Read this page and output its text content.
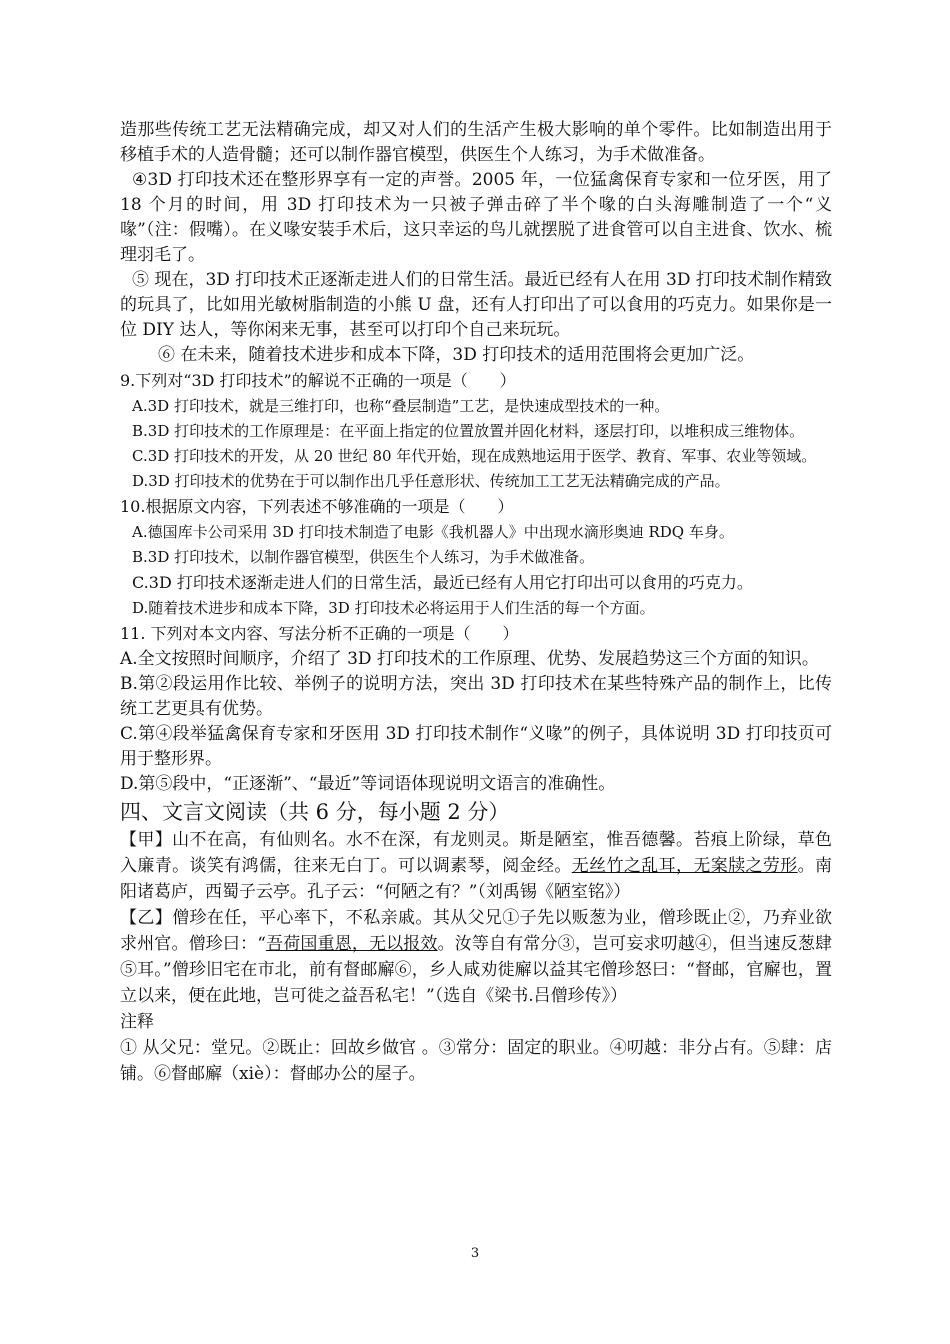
造那些传统工艺无法精确完成，却又对人们的生活产生极大影响的单个零件。比如制造出用于移植手术的人造骨髓；还可以制作器官模型，供医生个人练习，为手术做准备。

④3D 打印技术还在整形界享有一定的声誉。2005 年，一位猛禽保育专家和一位牙医，用了 18 个月的时间，用 3D 打印技术为一只被子弹击碎了半个喙的白头海雕制造了一个“义喙”（注：假嘴）。在义喙安装手术后，这只幸运的鸟儿就摆脱了进食管可以自主进食、饮水、梳理羽毛了。

⑤ 现在，3D 打印技术正逐渐走进人们的日常生活。最近已经有人在用 3D 打印技术制作精致的玩具了，比如用光敏树脂制造的小熊 U 盘，还有人打印出了可以食用的巧克力。如果你是一位 DIY 达人，等你闲来无事，甚至可以打印个自己来玩玩。

⑥ 在未来，随着技术进步和成本下降，3D 打印技术的适用范围将会更加广泛。

9.下列对“3D 打印技术”的解说不正确的一项是（　　）

A.3D 打印技术，就是三维打印，也称“叠层制造”工艺，是快速成型技术的一种。

B.3D 打印技术的工作原理是：在平面上指定的位置放置并固化材料，逐层打印，以堆积成三维物体。

C.3D 打印技术的开发，从 20 世纪 80 年代开始，现在成熟地运用于医学、教育、军事、农业等领域。

D.3D 打印技术的优势在于可以制作出几乎任意形状、传统加工工艺无法精确完成的产品。

10.根据原文内容，下列表述不够准确的一项是（　　）

A.德国库卡公司采用 3D 打印技术制造了电影《我机器人》中出现水滴形奥迪 RDQ 车身。

B.3D 打印技术，以制作器官模型，供医生个人练习，为手术做准备。

C.3D 打印技术逐渐走进人们的日常生活，最近已经有人用它打印出可以食用的巧克力。

D.随着技术进步和成本下降，3D 打印技术必将运用于人们生活的每一个方面。

11. 下列对本文内容、写法分析不正确的一项是（　　）

A.全文按照时间顺序，介绍了 3D 打印技术的工作原理、优势、发展趋势这三个方面的知识。

B.第②段运用作比较、举例子的说明方法，突出 3D 打印技术在某些特殊产品的制作上，比传统工艺更具有优势。

C.第④段举猛禽保育专家和牙医用 3D 打印技术制作“义喙”的例子，具体说明 3D 打印技页可用于整形界。

D.第⑤段中，“正逐渐”、“最近”等词语体现说明文语言的准确性。

四、文言文阅读（共 6 分，每小题 2 分）

【甲】山不在高，有仙则名。水不在深，有龙则灵。斯是陋室，惟吾德馨。苔痕上阶绿，草色入廉青。谈笑有鸿儒，往来无白丁。可以调素琴，阅金经。无丝竹之乱耳，无案牍之劳形。南阳诸葛庐，西蜀子云亭。孔子云：“何陋之有？”（刘禹锡《陋室铭》）

【乙】僧珍在任，平心率下，不私亲戚。其从父兄①子先以贩葱为业，僧珍既止②，乃弃业欲求州官。僧珍曰：“吾荷国重恩，无以报效。汝等自有常分③，岂可妄求叨越④，但当速反葱肆⑤耳。”僧珍旧宅在市北，前有督邮廨⑥，乡人咸劝徙廨以益其宅僧珍怒曰：“督邮，官廨也，置立以来，便在此地，岂可徙之益吾私宅！”（选自《梁书.吕僧珍传》）

注释

① 从父兄：堂兄。②既止：回故乡做官 。③常分：固定的职业。④叨越：非分占有。⑤肆：店铺。⑥督邮廨（xiè）：督邮办公的屋子。

3
